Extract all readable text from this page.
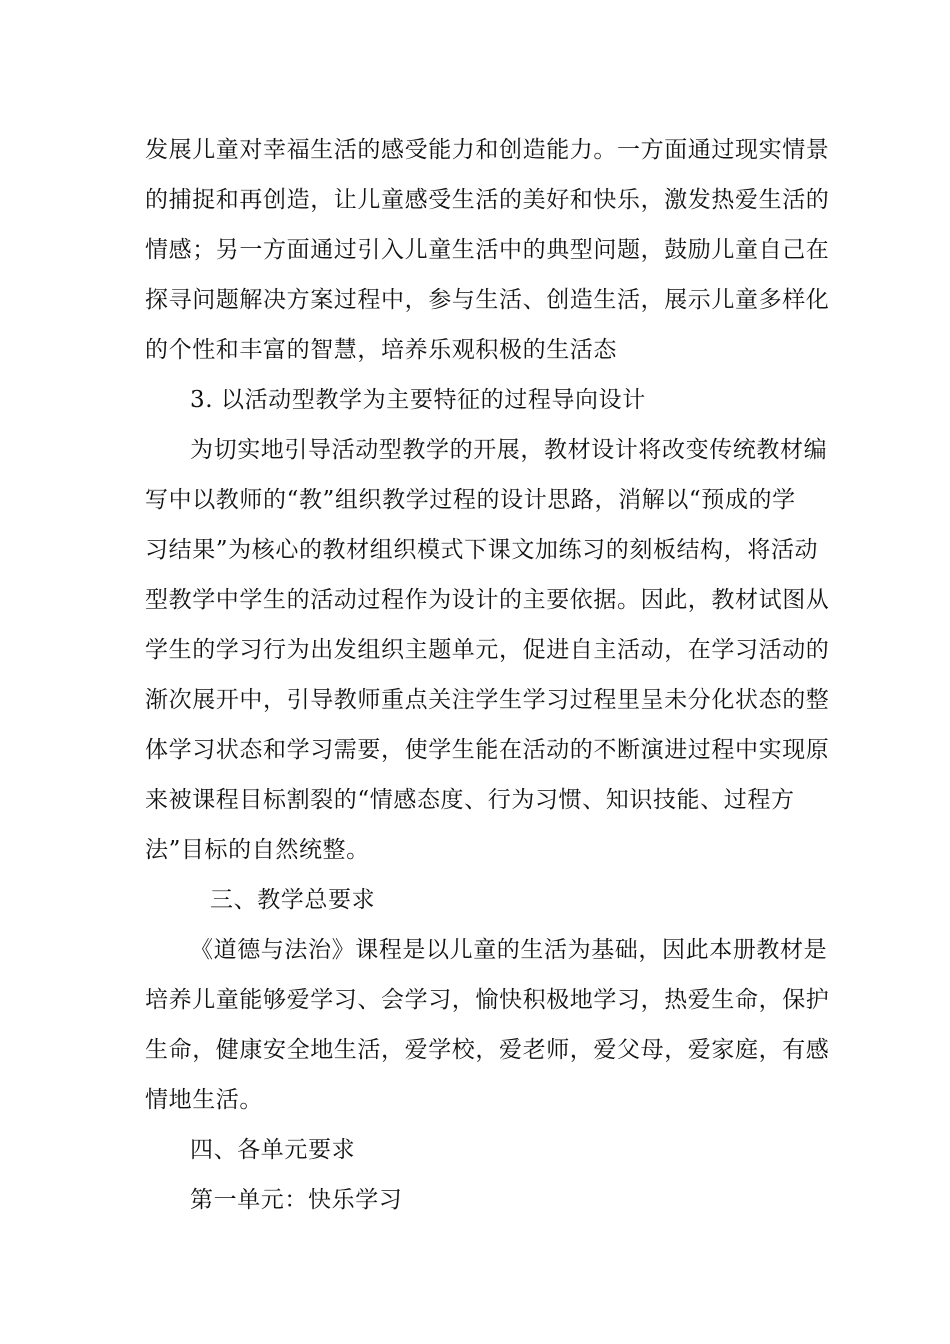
发展儿童对幸福生活的感受能力和创造能力。一方面通过现实情景
的捕捉和再创造，让儿童感受生活的美好和快乐，激发热爱生活的
情感；另一方面通过引入儿童生活中的典型问题，鼓励儿童自己在
探寻问题解决方案过程中，参与生活、创造生活，展示儿童多样化
的个性和丰富的智慧，培养乐观积极的生活态
3. 以活动型教学为主要特征的过程导向设计
为切实地引导活动型教学的开展，教材设计将改变传统教材编
写中以教师的“教”组织教学过程的设计思路，消解以“预成的学
习结果”为核心的教材组织模式下课文加练习的刻板结构，将活动
型教学中学生的活动过程作为设计的主要依据。因此，教材试图从
学生的学习行为出发组织主题单元，促进自主活动，在学习活动的
渐次展开中，引导教师重点关注学生学习过程里呈未分化状态的整
体学习状态和学习需要，使学生能在活动的不断演进过程中实现原
来被课程目标割裂的“情感态度、行为习惯、知识技能、过程方
法”目标的自然统整。
三、教学总要求
《道德与法治》课程是以儿童的生活为基础，因此本册教材是
培养儿童能够爱学习、会学习，愉快积极地学习，热爱生命，保护
生命，健康安全地生活，爱学校，爱老师，爱父母，爱家庭，有感
情地生活。
四、各单元要求
第一单元：快乐学习
